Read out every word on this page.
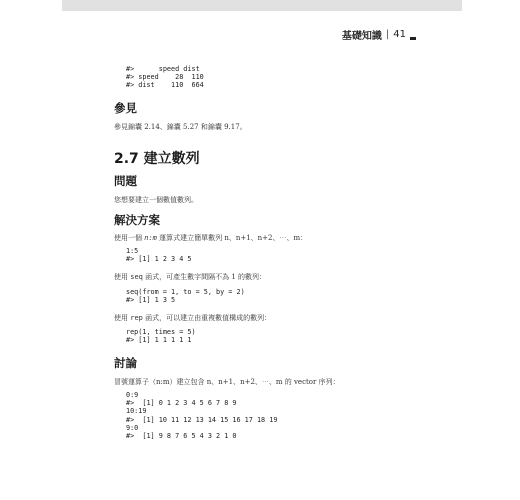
基礎知識 | 41
#>      speed dist
#> speed    28  110
#> dist    110  664
參見

參見錦囊 2.14、錦囊 5.27 和錦囊 9.17。

2.7 建立數列
問題

您想要建立一個數值數列。

解決方案

使用一個 n:m 運算式建立簡單數列 n、n+1、n+2、⋯、m：

1:5
#> [1] 1 2 3 4 5

使用 seq 函式，可產生數字間隔不為 1 的數列：

seq(from = 1, to = 5, by = 2)
#> [1] 1 3 5

使用 rep 函式，可以建立由重複數值構成的數列：

rep(1, times = 5)
#> [1] 1 1 1 1 1
討論

冒號運算子（n:m）建立包含 n、n+1、n+2、⋯、m 的 vector 序列：

0:9
#>  [1] 0 1 2 3 4 5 6 7 8 9
10:19
#>  [1] 10 11 12 13 14 15 16 17 18 19
9:0
#>  [1] 9 8 7 6 5 4 3 2 1 0
